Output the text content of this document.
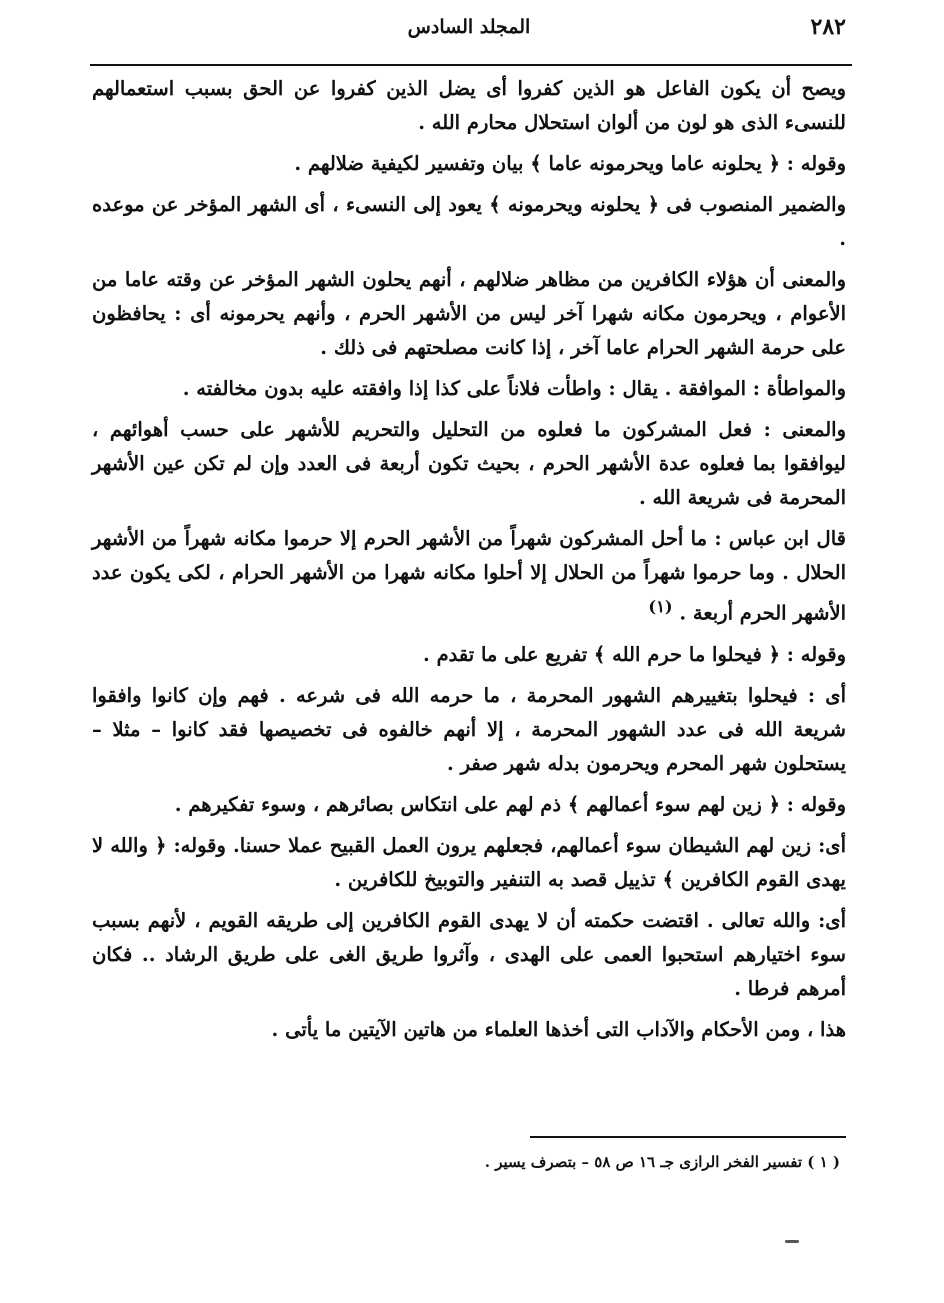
٢٨٢
المجلد السادس

ويصح أن يكون الفاعل هو الذين كفروا أى يضل الذين كفروا عن الحق بسبب استعمالهم للنسىء الذى هو لون من ألوان استحلال محارم الله .

وقوله : ﴿ يحلونه عاما ويحرمونه عاما ﴾ بيان وتفسير لكيفية ضلالهم .

والضمير المنصوب فى ﴿ يحلونه ويحرمونه ﴾ يعود إلى النسىء ، أى الشهر المؤخر عن موعده .

والمعنى أن هؤلاء الكافرين من مظاهر ضلالهم ، أنهم يحلون الشهر المؤخر عن وقته عاما من الأعوام ، ويحرمون مكانه شهرا آخر ليس من الأشهر الحرم ، وأنهم يحرمونه أى : يحافظون على حرمة الشهر الحرام عاما آخر ، إذا كانت مصلحتهم فى ذلك .

والمواطأة : الموافقة . يقال : واطأت فلاناً على كذا إذا وافقته عليه بدون مخالفته .

والمعنى : فعل المشركون ما فعلوه من التحليل والتحريم للأشهر على حسب أهوائهم ، ليوافقوا بما فعلوه عدة الأشهر الحرم ، بحيث تكون أربعة فى العدد وإن لم تكن عين الأشهر المحرمة فى شريعة الله .

قال ابن عباس : ما أحل المشركون شهراً من الأشهر الحرم إلا حرموا مكانه شهراً من الأشهر الحلال . وما حرموا شهراً من الحلال إلا أحلوا مكانه شهرا من الأشهر الحرام ، لكى يكون عدد الأشهر الحرم أربعة . $^{(١)}$

وقوله : ﴿ فيحلوا ما حرم الله ﴾ تفريع على ما تقدم .

أى : فيحلوا بتغييرهم الشهور المحرمة ، ما حرمه الله فى شرعه . فهم وإن كانوا وافقوا شريعة الله فى عدد الشهور المحرمة ، إلا أنهم خالفوه فى تخصيصها فقد كانوا – مثلا – يستحلون شهر المحرم ويحرمون بدله شهر صفر .

وقوله : ﴿ زين لهم سوء أعمالهم ﴾ ذم لهم على انتكاس بصائرهم ، وسوء تفكيرهم .

أى: زين لهم الشيطان سوء أعمالهم، فجعلهم يرون العمل القبيح عملا حسنا. وقوله: ﴿ والله لا يهدى القوم الكافرين ﴾ تذييل قصد به التنفير والتوبيخ للكافرين .

أى: والله تعالى . اقتضت حكمته أن لا يهدى القوم الكافرين إلى طريقه القويم ، لأنهم بسبب سوء اختيارهم استحبوا العمى على الهدى ، وآثروا طريق الغى على طريق الرشاد .. فكان أمرهم فرطا .

هذا ، ومن الأحكام والآداب التى أخذها العلماء من هاتين الآيتين ما يأتى .

( ١ ) تفسير الفخر الرازى جـ ١٦ ص ٥٨ – بتصرف يسير .
